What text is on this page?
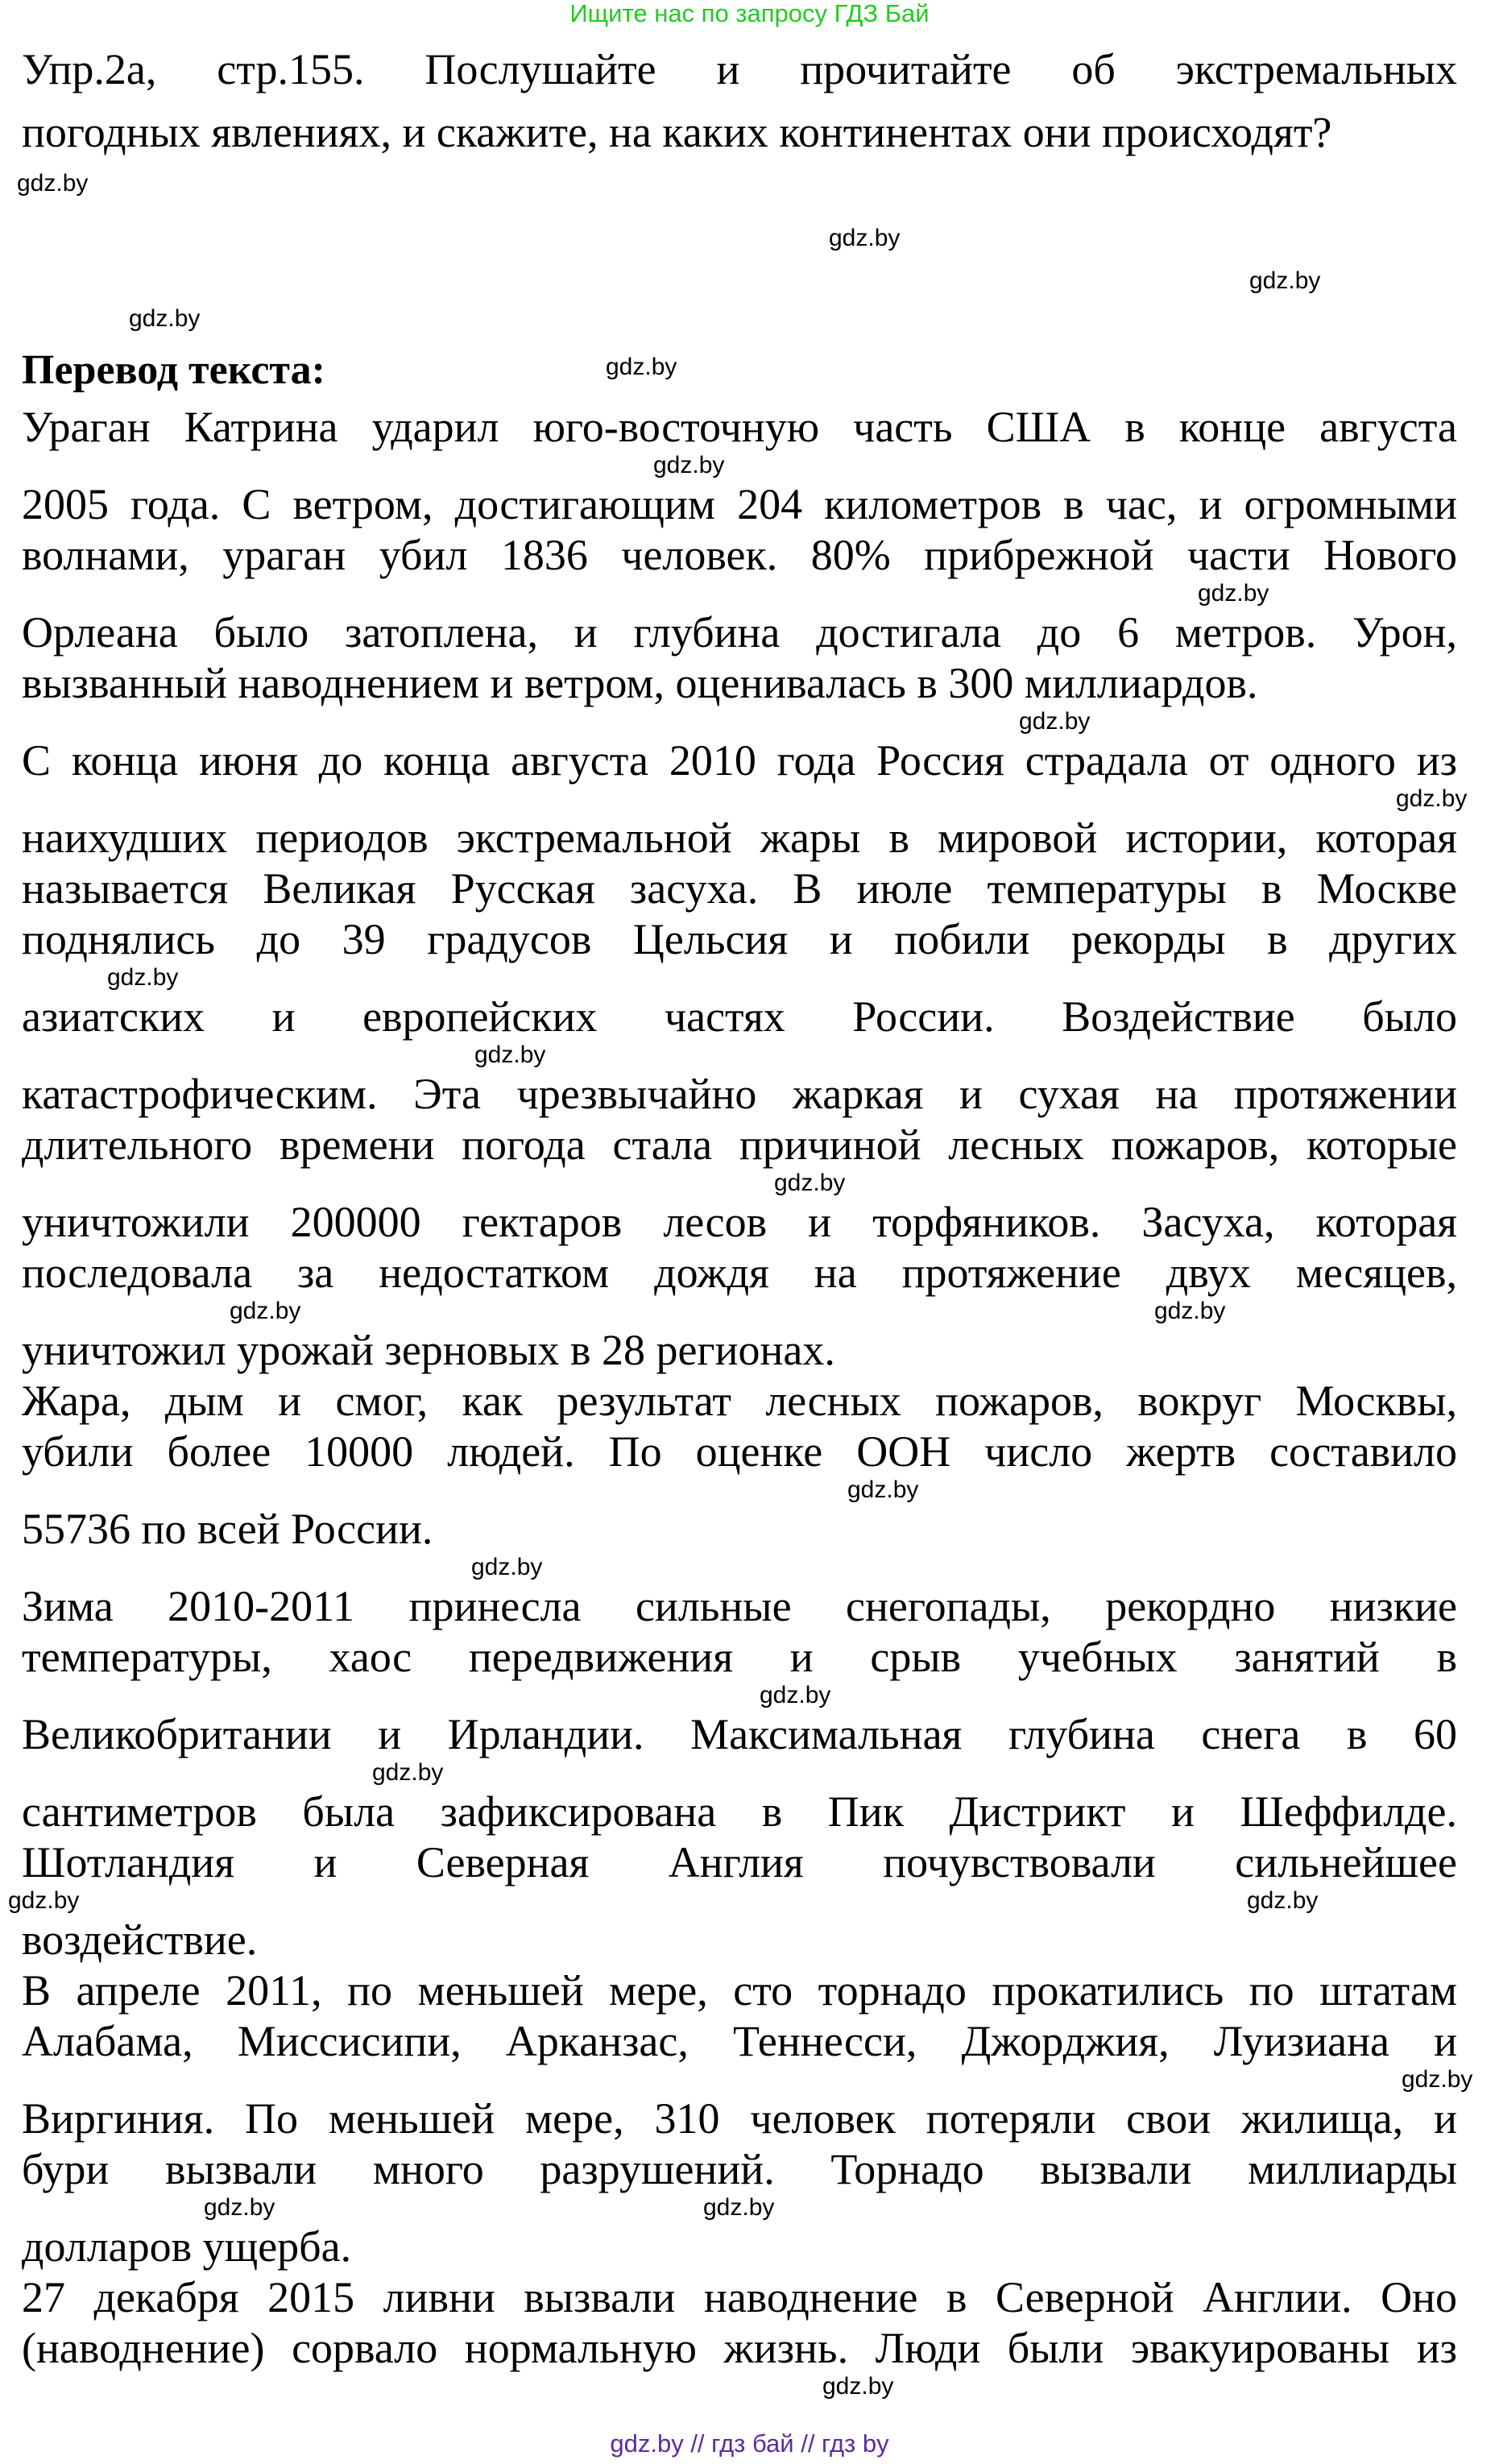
Ищите нас по запросу ГДЗ Бай
Упр.2а, стр.155. Послушайте и прочитайте об экстремальных
погодных явлениях, и скажите, на каких континентах они происходят?
Перевод текста:
Ураган Катрина ударил юго-восточную часть США в конце августа
2005 года. С ветром, достигающим 204 километров в час, и огромными
волнами, ураган убил 1836 человек. 80% прибрежной части Нового
Орлеана было затоплена, и глубина достигала до 6 метров. Урон,
вызванный наводнением и ветром, оценивалась в 300 миллиардов.
С конца июня до конца августа 2010 года Россия страдала от одного из
наихудших периодов экстремальной жары в мировой истории, которая
называется Великая Русская засуха. В июле температуры в Москве
поднялись до 39 градусов Цельсия и побили рекорды в других
азиатских и европейских частях России. Воздействие было
катастрофическим. Эта чрезвычайно жаркая и сухая на протяжении
длительного времени погода стала причиной лесных пожаров, которые
уничтожили 200000 гектаров лесов и торфяников. Засуха, которая
последовала за недостатком дождя на протяжение двух месяцев,
уничтожил урожай зерновых в 28 регионах.
Жара, дым и смог, как результат лесных пожаров, вокруг Москвы,
убили более 10000 людей. По оценке ООН число жертв составило
55736 по всей России.
Зима 2010-2011 принесла сильные снегопады, рекордно низкие
температуры, хаос передвижения и срыв учебных занятий в
Великобритании и Ирландии. Максимальная глубина снега в 60
сантиметров была зафиксирована в Пик Дистрикт и Шеффилде.
Шотландия и Северная Англия почувствовали сильнейшее
воздействие.
В апреле 2011, по меньшей мере, сто торнадо прокатились по штатам
Алабама, Миссисипи, Арканзас, Теннесси, Джорджия, Луизиана и
Виргиния. По меньшей мере, 310 человек потеряли свои жилища, и
бури вызвали много разрушений. Торнадо вызвали миллиарды
долларов ущерба.
27 декабря 2015 ливни вызвали наводнение в Северной Англии. Оно
(наводнение) сорвало нормальную жизнь. Люди были эвакуированы из
gdz.by
gdz.by
gdz.by
gdz.by
gdz.by
gdz.by
gdz.by
gdz.by
gdz.by
gdz.by
gdz.by
gdz.by
gdz.by	gdz.by
gdz.by
gdz.by
gdz.by
gdz.by
gdz.by	gdz.by
gdz.by
gdz.by	gdz.by
gdz.by
gdz.by // гдз бай // гдз by
